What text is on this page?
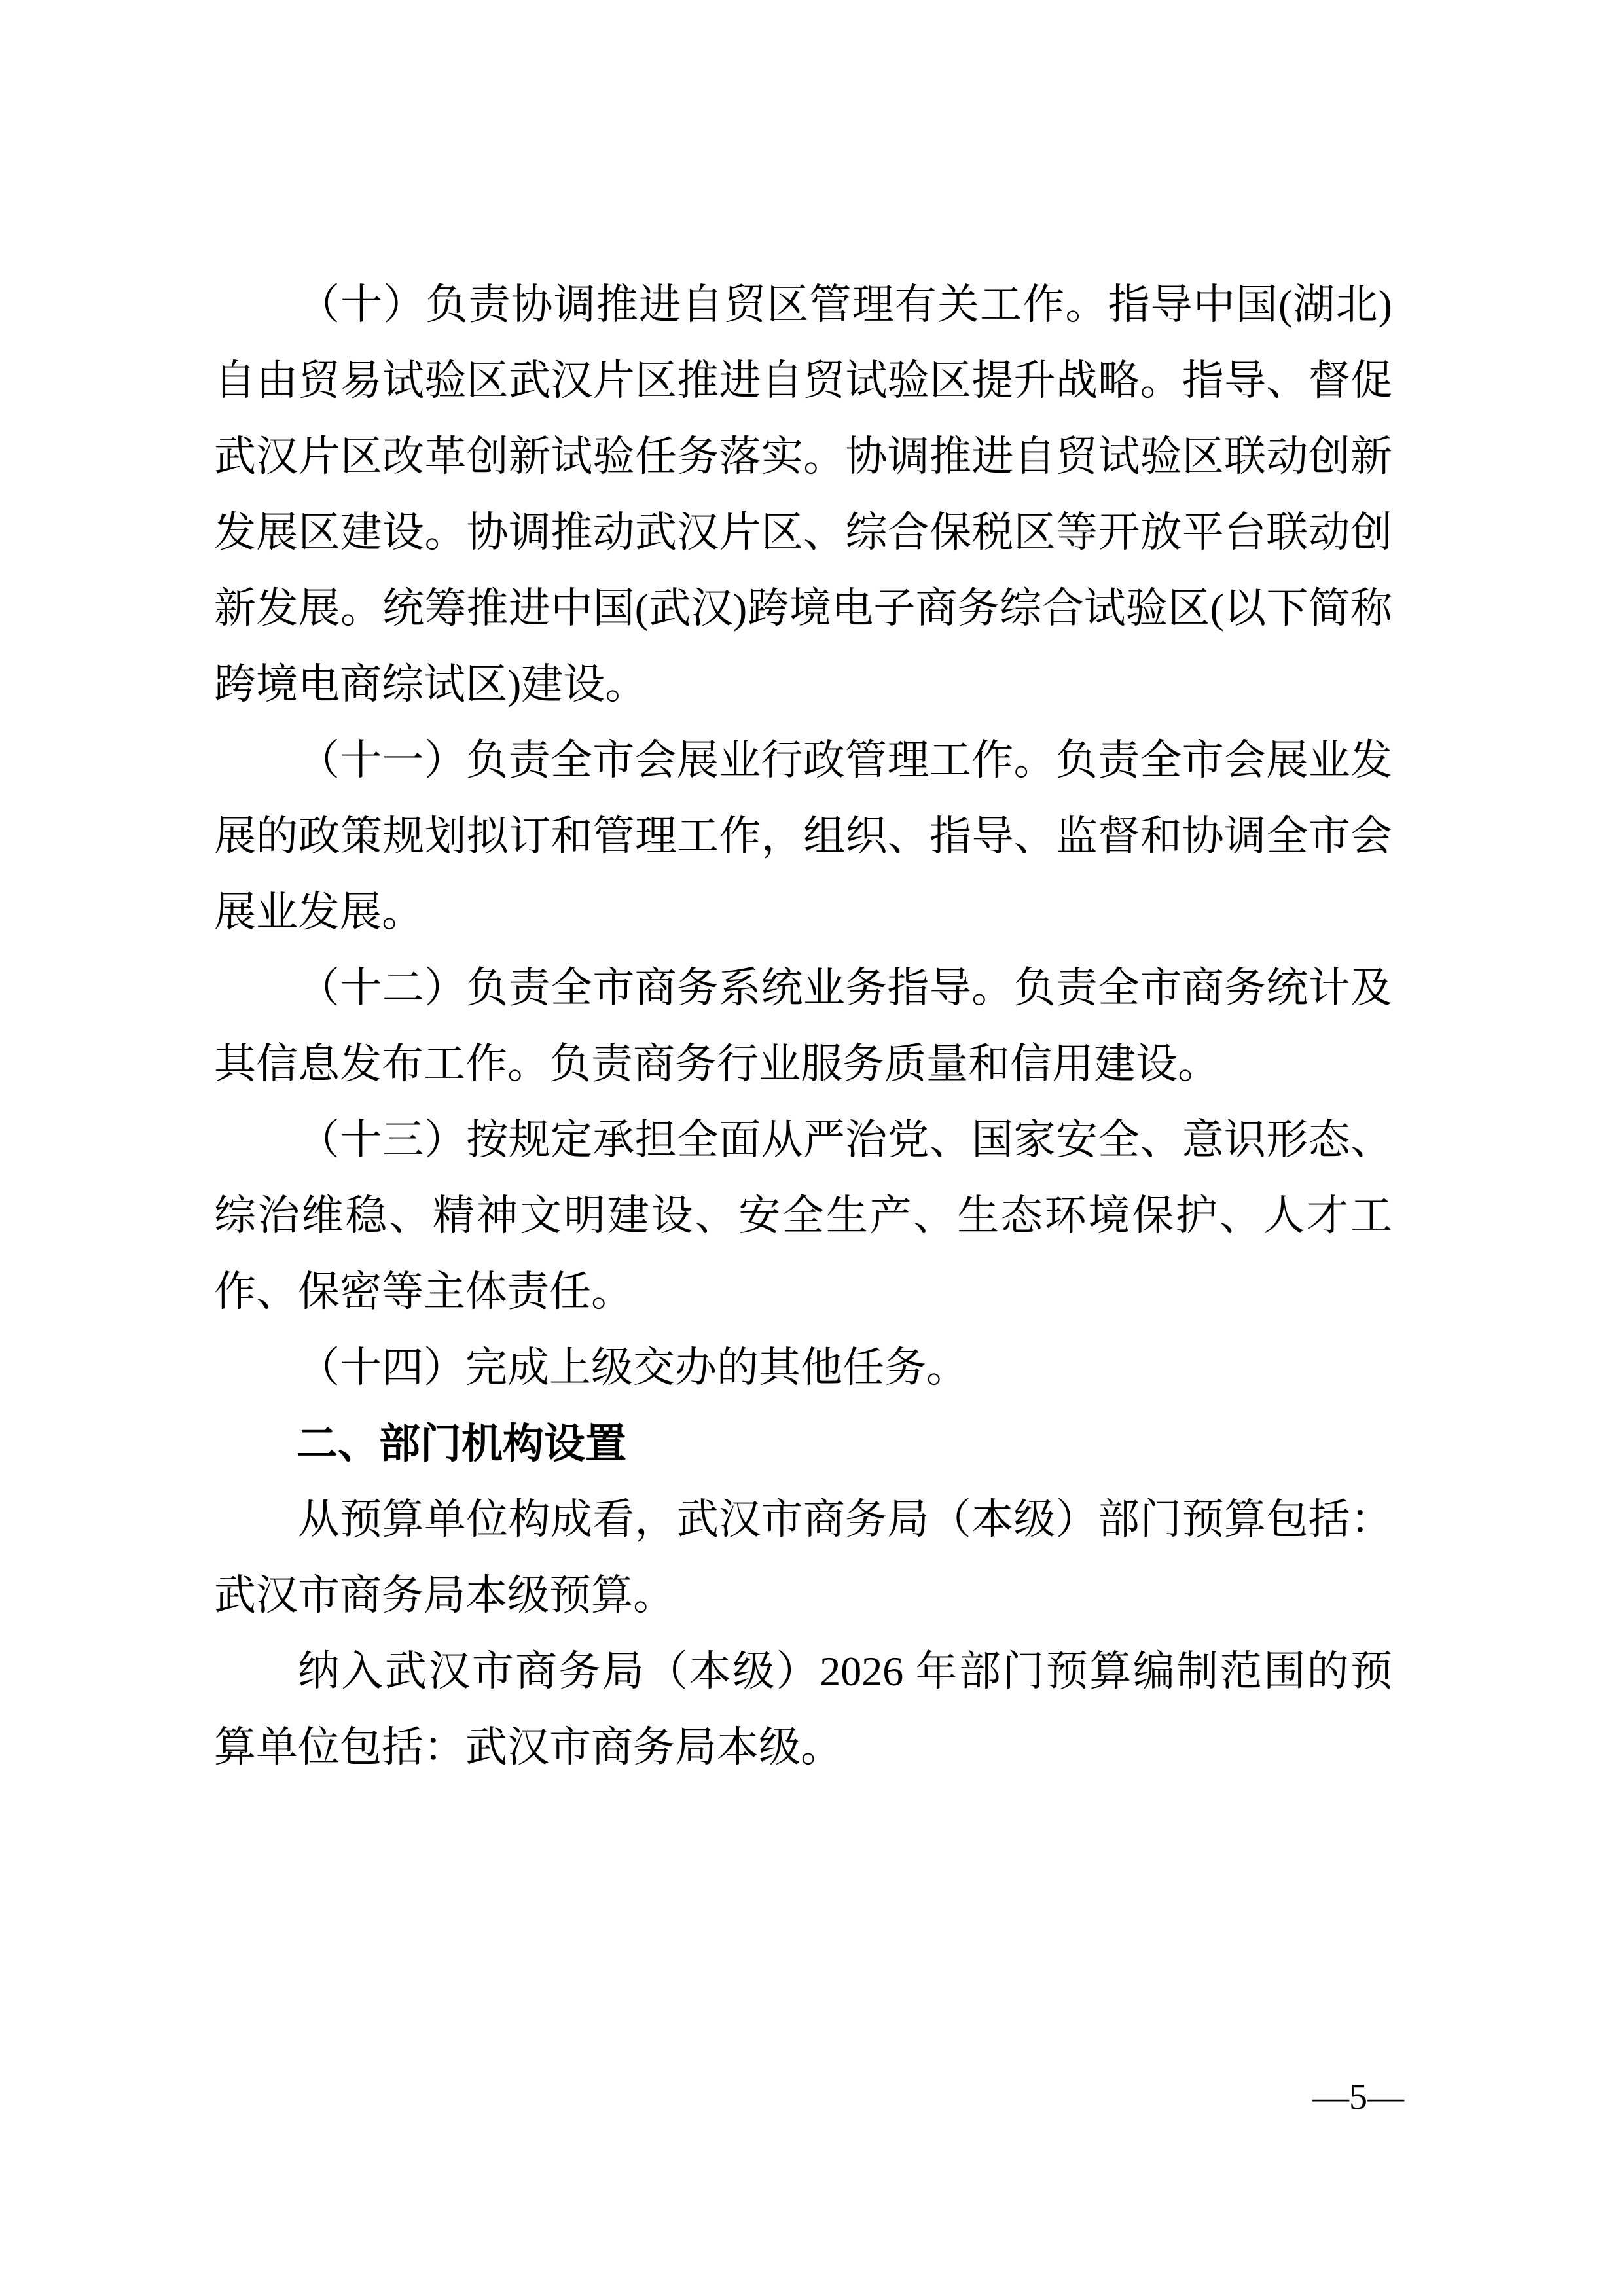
（十）负责协调推进自贸区管理有关工作。指导中国(湖北)自由贸易试验区武汉片区推进自贸试验区提升战略。指导、督促武汉片区改革创新试验任务落实。协调推进自贸试验区联动创新发展区建设。协调推动武汉片区、综合保税区等开放平台联动创新发展。统筹推进中国(武汉)跨境电子商务综合试验区(以下简称跨境电商综试区)建设。

（十一）负责全市会展业行政管理工作。负责全市会展业发展的政策规划拟订和管理工作，组织、指导、监督和协调全市会展业发展。

（十二）负责全市商务系统业务指导。负责全市商务统计及其信息发布工作。负责商务行业服务质量和信用建设。

（十三）按规定承担全面从严治党、国家安全、意识形态、综治维稳、精神文明建设、安全生产、生态环境保护、人才工作、保密等主体责任。

（十四）完成上级交办的其他任务。

二、部门机构设置

从预算单位构成看，武汉市商务局（本级）部门预算包括：武汉市商务局本级预算。

纳入武汉市商务局（本级）2026 年部门预算编制范围的预算单位包括：武汉市商务局本级。

—5—
